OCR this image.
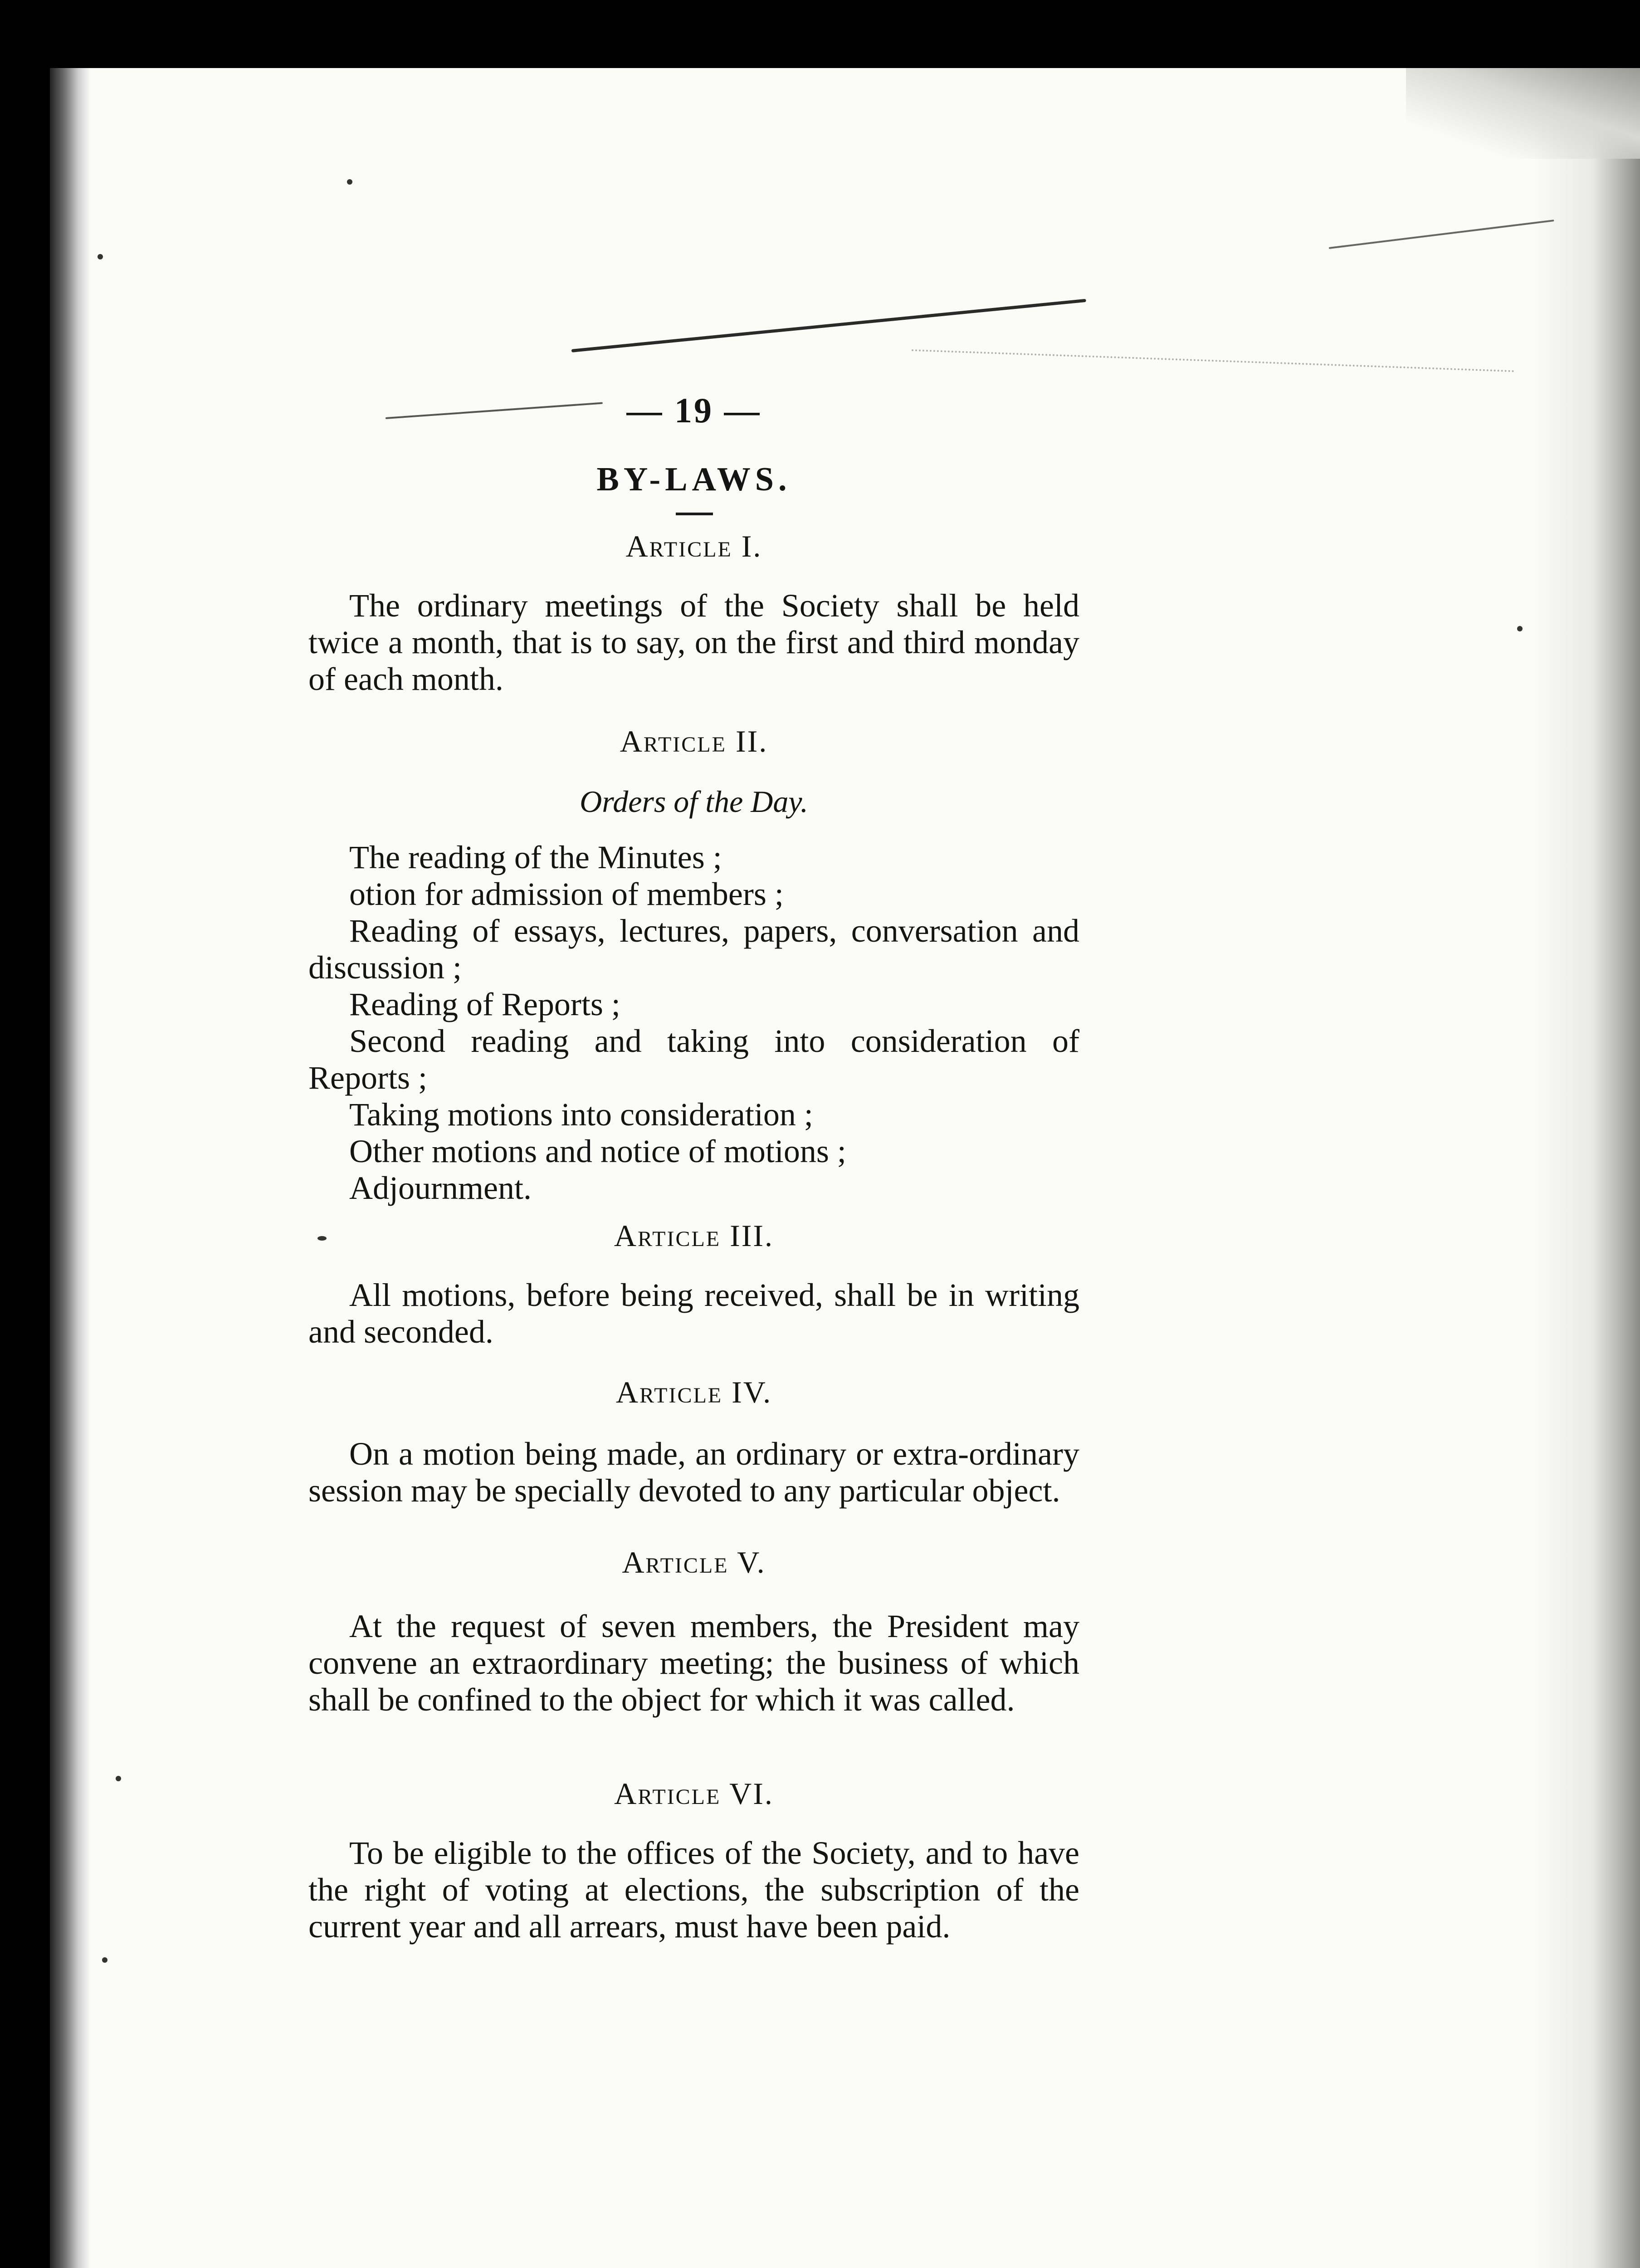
— 19 —
BY-LAWS.
Article I.

The ordinary meetings of the Society shall be held twice a month, that is to say, on the first and third monday of each month.

Article II.
Orders of the Day.
The reading of the Minutes ;
otion for admission of members ;
Reading of essays, lectures, papers, conversation and discussion ;
Reading of Reports ;
Second reading and taking into consideration of Reports ;
Taking motions into consideration ;
Other motions and notice of motions ;
Adjournment.
Article III.

All motions, before being received, shall be in writing and seconded.

Article IV.

On a motion being made, an ordinary or extra-ordinary session may be specially devoted to any particular object.

Article V.

At the request of seven members, the President may convene an extraordinary meeting; the business of which shall be confined to the object for which it was called.

Article VI.

To be eligible to the offices of the Society, and to have the right of voting at elections, the subscription of the current year and all arrears, must have been paid.
